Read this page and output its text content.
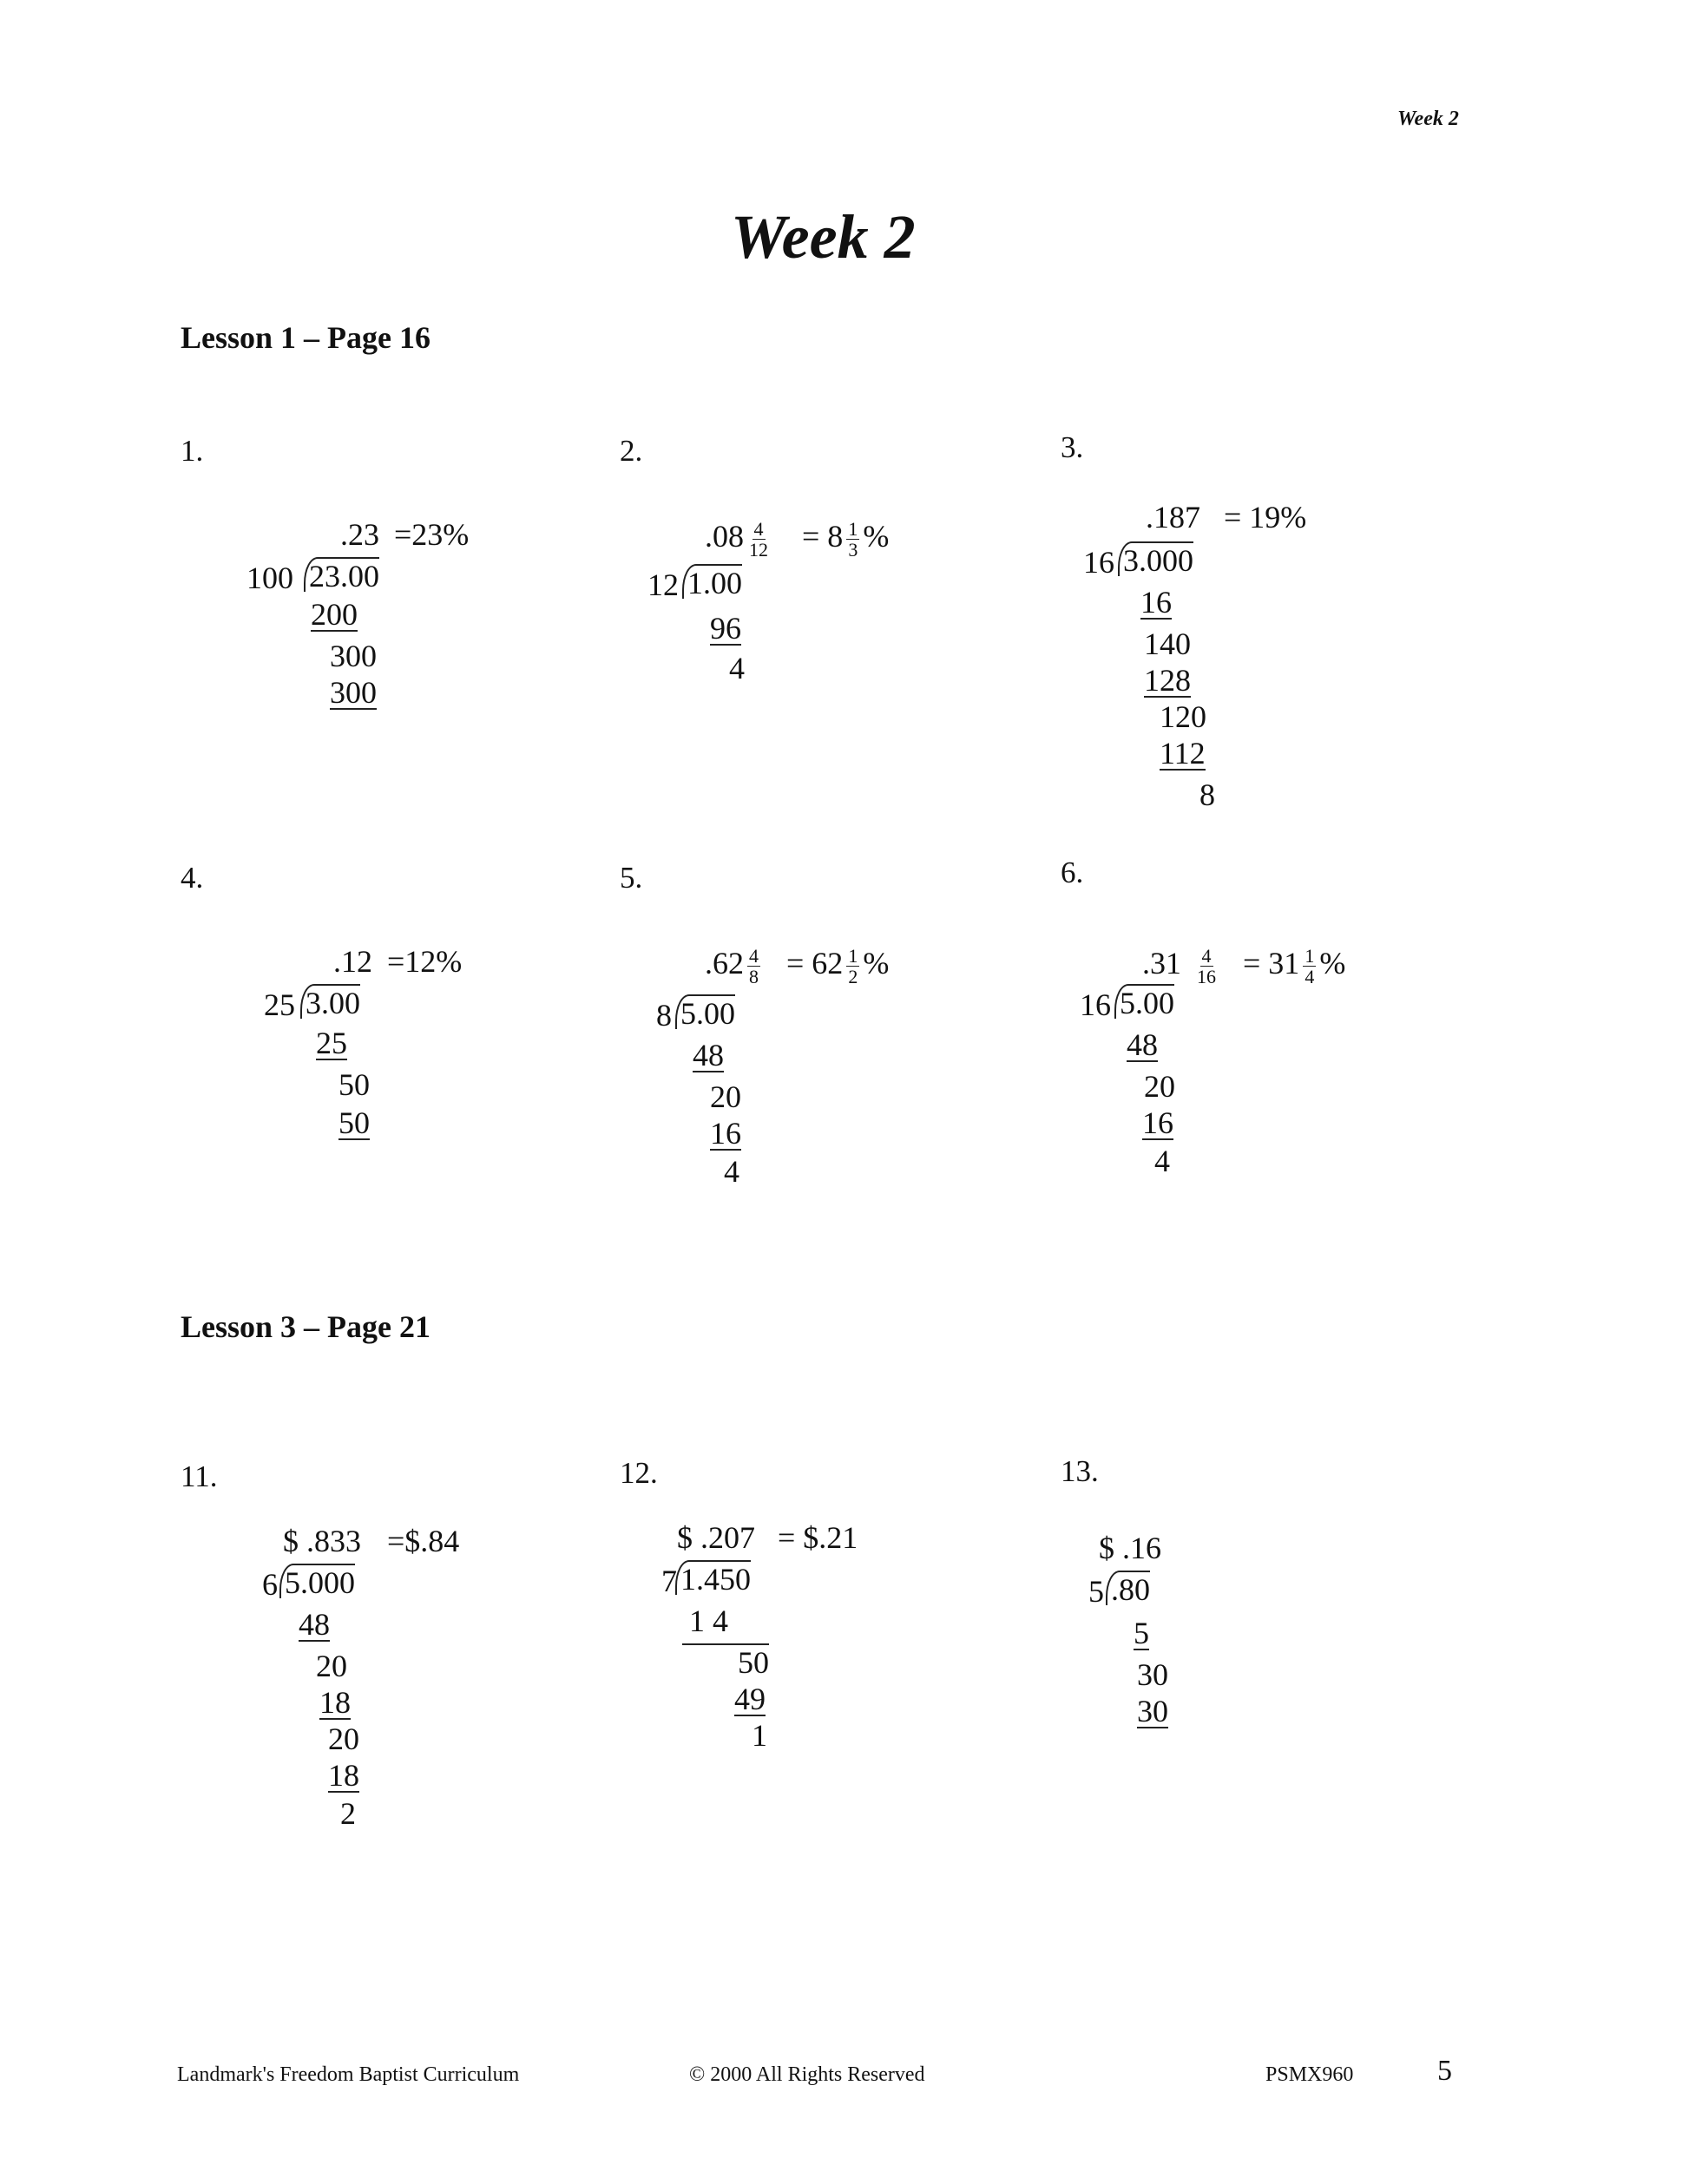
Week 2
Week 2
Lesson 1 – Page 16
1.
.23 =23%
100 23.00
200
300
300
2.
$.08 \frac{4}{12} = 8 \frac{1}{3}$ %
12 1.00
96
4
3.
.187 = 19%
16 3.000
16
140
128
120
112
8
4.
.12 =12%
25 3.00
25
50
50
5.
$.62 \frac{4}{8} = 62 \frac{1}{2}$ %
8 5.00
48
20
16
4
6.
$.31 \frac{4}{16} = 31 \frac{1}{4}$ %
16 5.00
48
20
16
4
Lesson 3 – Page 21
11.
$ .833 =$.84
6 5.000
48
20
18
20
18
2
12.
$ .207 = $.21
7 1.450
1 4
50
49
1
13.
$ .16
5 .80
5
30
30
Landmark's Freedom Baptist Curriculum	© 2000 All Rights Reserved	PSMX960	5
